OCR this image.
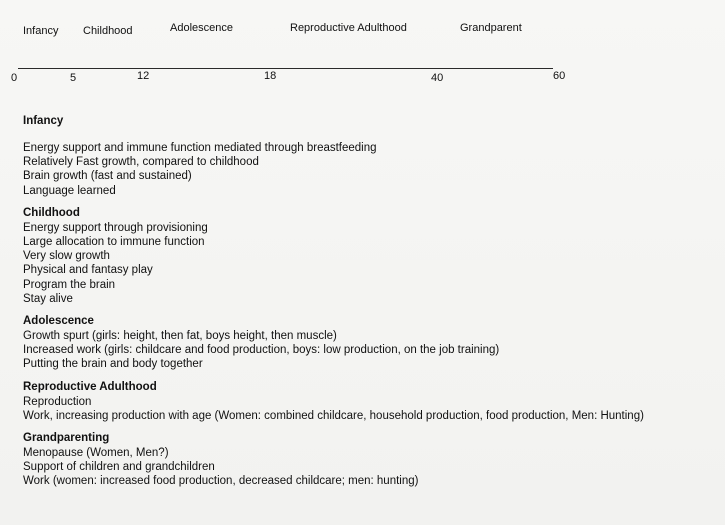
Infancy Childhood	Adolescence	Reproductive Adulthood	Grandparent
0	5	12	18	40	60
Infancy
Energy support and immune function mediated through breastfeeding
Relatively Fast growth, compared to childhood
Brain growth (fast and sustained)
Language learned
Childhood
Energy support through provisioning
Large allocation to immune function
Very slow growth
Physical and fantasy play
Program the brain
Stay alive
Adolescence
Growth spurt (girls: height, then fat, boys height, then muscle)
Increased work (girls: childcare and food production, boys: low production, on the job training)
Putting the brain and body together
Reproductive Adulthood
Reproduction
Work, increasing production with age (Women: combined childcare, household production, food production, Men: Hunting)
Grandparenting
Menopause (Women, Men?)
Support of children and grandchildren
Work (women: increased food production, decreased childcare; men: hunting)
